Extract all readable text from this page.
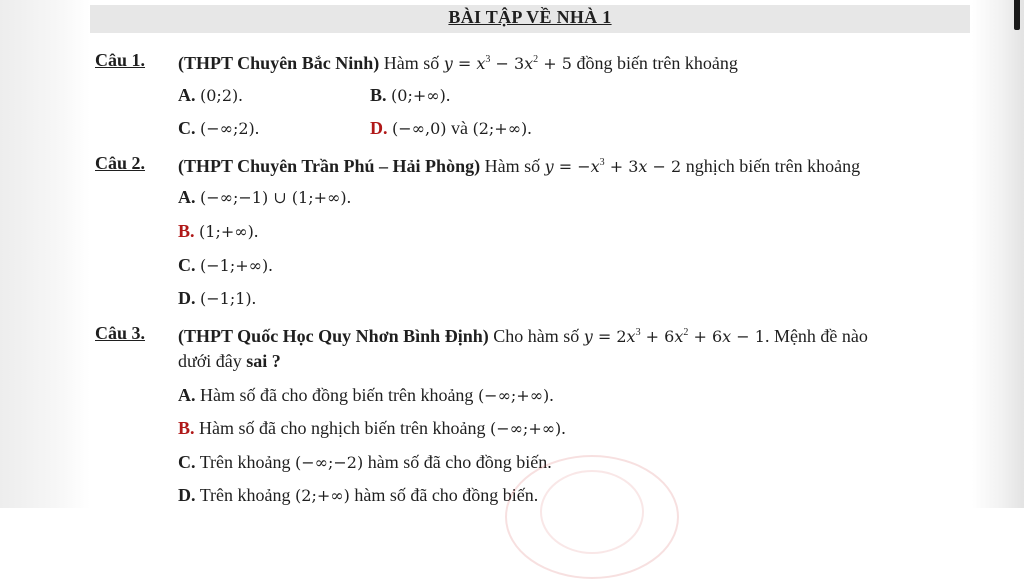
BÀI TẬP VỀ NHÀ 1
Câu 1. (THPT Chuyên Bắc Ninh) Hàm số $y = x^3 - 3x^2 + 5$ đồng biến trên khoảng
A. (0;2).	B. (0;+∞).
C. (−∞;2).	D. (−∞,0) và (2;+∞).
Câu 2. (THPT Chuyên Trần Phú – Hải Phòng) Hàm số $y = -x^3 + 3x - 2$ nghịch biến trên khoảng
A. (−∞;−1) ∪ (1;+∞).
B. (1;+∞).
C. (−1;+∞).
D. (−1;1).
Câu 3. (THPT Quốc Học Quy Nhơn Bình Định) Cho hàm số $y = 2x^3 + 6x^2 + 6x - 1$. Mệnh đề nào
dưới đây sai ?
A. Hàm số đã cho đồng biến trên khoảng (−∞;+∞).
B. Hàm số đã cho nghịch biến trên khoảng (−∞;+∞).
C. Trên khoảng (−∞;−2) hàm số đã cho đồng biến.
D. Trên khoảng (2;+∞) hàm số đã cho đồng biến.
